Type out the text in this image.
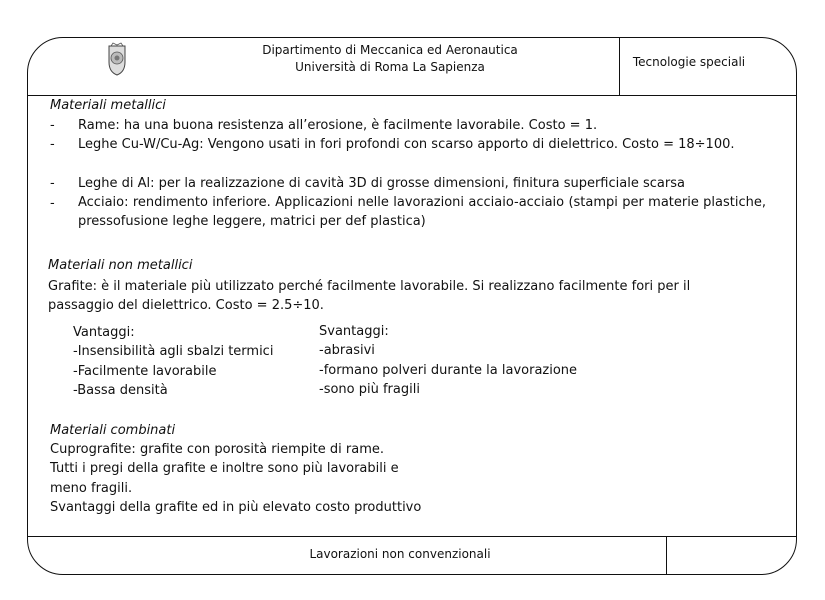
Dipartimento di Meccanica ed Aeronautica
Università di Roma La Sapienza	Tecnologie speciali
Materiali metallici
- Rame: ha una buona resistenza all’erosione, è facilmente lavorabile. Costo = 1.
- Leghe Cu-W/Cu-Ag: Vengono usati in fori profondi con scarso apporto di dielettrico. Costo = 18÷100.
- Leghe di Al: per la realizzazione di cavità 3D di grosse dimensioni, finitura superficiale scarsa
- Acciaio: rendimento inferiore. Applicazioni nelle lavorazioni acciaio-acciaio (stampi per materie plastiche, pressofusione leghe leggere, matrici per def plastica)
Materiali non metallici
Grafite: è il materiale più utilizzato perché facilmente lavorabile. Si realizzano facilmente fori per il passaggio del dielettrico. Costo = 2.5÷10.
Vantaggi:
-Insensibilità agli sbalzi termici
-Facilmente lavorabile
-Bassa densità
Svantaggi:
-abrasivi
-formano polveri durante la lavorazione
-sono più fragili
Materiali combinati
Cuprografite: grafite con porosità riempite di rame.
Tutti i pregi della grafite e inoltre sono più lavorabili e
meno fragili.
Svantaggi della grafite ed in più elevato costo produttivo
Lavorazioni non convenzionali
